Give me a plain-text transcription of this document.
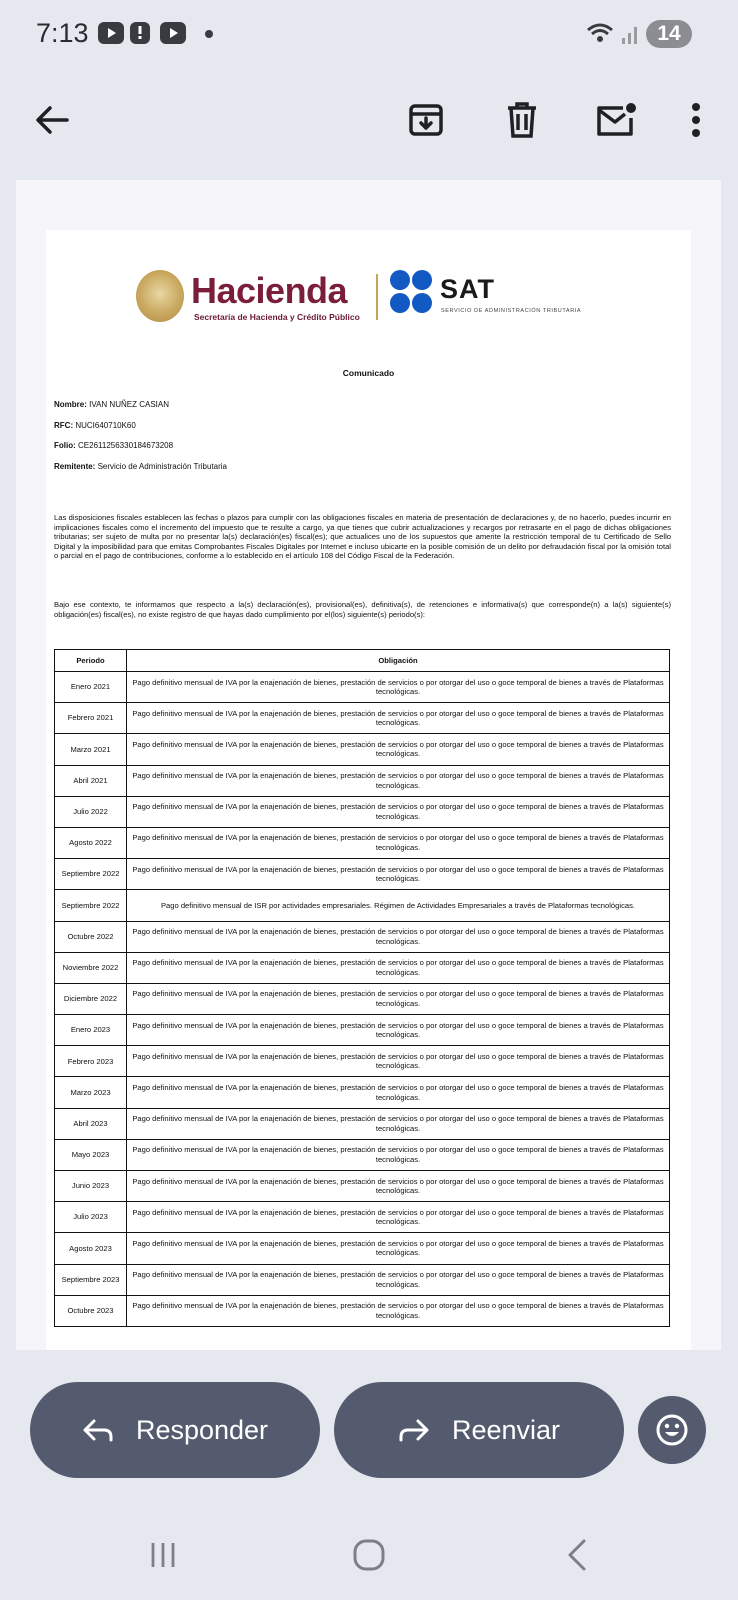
7:13	14
Hacienda
Secretaría de Hacienda y Crédito Público
SAT
SERVICIO DE ADMINISTRACIÓN TRIBUTARIA
Comunicado
Nombre: IVAN NUÑEZ CASIAN
RFC: NUCI640710K60
Folio: CE2611256330184673208
Remitente: Servicio de Administración Tributaria
Las disposiciones fiscales establecen las fechas o plazos para cumplir con las obligaciones fiscales en materia de presentación de declaraciones y, de no hacerlo, puedes incurrir en implicaciones fiscales como el incremento del impuesto que te resulte a cargo, ya que tienes que cubrir actualizaciones y recargos por retrasarte en el pago de dichas obligaciones tributarias; ser sujeto de multa por no presentar la(s) declaración(es) fiscal(es); que actualices uno de los supuestos que amerite la restricción temporal de tu Certificado de Sello Digital y la imposibilidad para que emitas Comprobantes Fiscales Digitales por Internet e incluso ubicarte en la posible comisión de un delito por defraudación fiscal por la omisión total o parcial en el pago de contribuciones, conforme a lo establecido en el artículo 108 del Código Fiscal de la Federación.
Bajo ese contexto, te informamos que respecto a la(s) declaración(es), provisional(es), definitiva(s), de retenciones e informativa(s) que corresponde(n) a la(s) siguiente(s) obligación(es) fiscal(es), no existe registro de que hayas dado cumplimiento por el(los) siguiente(s) periodo(s):
Periodo	Obligación
Enero 2021	Pago definitivo mensual de IVA por la enajenación de bienes, prestación de servicios o por otorgar del uso o goce temporal de bienes a través de Plataformas tecnológicas.
Febrero 2021	Pago definitivo mensual de IVA por la enajenación de bienes, prestación de servicios o por otorgar del uso o goce temporal de bienes a través de Plataformas tecnológicas.
Marzo 2021	Pago definitivo mensual de IVA por la enajenación de bienes, prestación de servicios o por otorgar del uso o goce temporal de bienes a través de Plataformas tecnológicas.
Abril 2021	Pago definitivo mensual de IVA por la enajenación de bienes, prestación de servicios o por otorgar del uso o goce temporal de bienes a través de Plataformas tecnológicas.
Julio 2022	Pago definitivo mensual de IVA por la enajenación de bienes, prestación de servicios o por otorgar del uso o goce temporal de bienes a través de Plataformas tecnológicas.
Agosto 2022	Pago definitivo mensual de IVA por la enajenación de bienes, prestación de servicios o por otorgar del uso o goce temporal de bienes a través de Plataformas tecnológicas.
Septiembre 2022	Pago definitivo mensual de IVA por la enajenación de bienes, prestación de servicios o por otorgar del uso o goce temporal de bienes a través de Plataformas tecnológicas.
Septiembre 2022	Pago definitivo mensual de ISR por actividades empresariales. Régimen de Actividades Empresariales a través de Plataformas tecnológicas.
Octubre 2022	Pago definitivo mensual de IVA por la enajenación de bienes, prestación de servicios o por otorgar del uso o goce temporal de bienes a través de Plataformas tecnológicas.
Noviembre 2022	Pago definitivo mensual de IVA por la enajenación de bienes, prestación de servicios o por otorgar del uso o goce temporal de bienes a través de Plataformas tecnológicas.
Diciembre 2022	Pago definitivo mensual de IVA por la enajenación de bienes, prestación de servicios o por otorgar del uso o goce temporal de bienes a través de Plataformas tecnológicas.
Enero 2023	Pago definitivo mensual de IVA por la enajenación de bienes, prestación de servicios o por otorgar del uso o goce temporal de bienes a través de Plataformas tecnológicas.
Febrero 2023	Pago definitivo mensual de IVA por la enajenación de bienes, prestación de servicios o por otorgar del uso o goce temporal de bienes a través de Plataformas tecnológicas.
Marzo 2023	Pago definitivo mensual de IVA por la enajenación de bienes, prestación de servicios o por otorgar del uso o goce temporal de bienes a través de Plataformas tecnológicas.
Abril 2023	Pago definitivo mensual de IVA por la enajenación de bienes, prestación de servicios o por otorgar del uso o goce temporal de bienes a través de Plataformas tecnológicas.
Mayo 2023	Pago definitivo mensual de IVA por la enajenación de bienes, prestación de servicios o por otorgar del uso o goce temporal de bienes a través de Plataformas tecnológicas.
Junio 2023	Pago definitivo mensual de IVA por la enajenación de bienes, prestación de servicios o por otorgar del uso o goce temporal de bienes a través de Plataformas tecnológicas.
Julio 2023	Pago definitivo mensual de IVA por la enajenación de bienes, prestación de servicios o por otorgar del uso o goce temporal de bienes a través de Plataformas tecnológicas.
Agosto 2023	Pago definitivo mensual de IVA por la enajenación de bienes, prestación de servicios o por otorgar del uso o goce temporal de bienes a través de Plataformas tecnológicas.
Septiembre 2023	Pago definitivo mensual de IVA por la enajenación de bienes, prestación de servicios o por otorgar del uso o goce temporal de bienes a través de Plataformas tecnológicas.
Octubre 2023	Pago definitivo mensual de IVA por la enajenación de bienes, prestación de servicios o por otorgar del uso o goce temporal de bienes a través de Plataformas tecnológicas.
Responder	Reenviar
